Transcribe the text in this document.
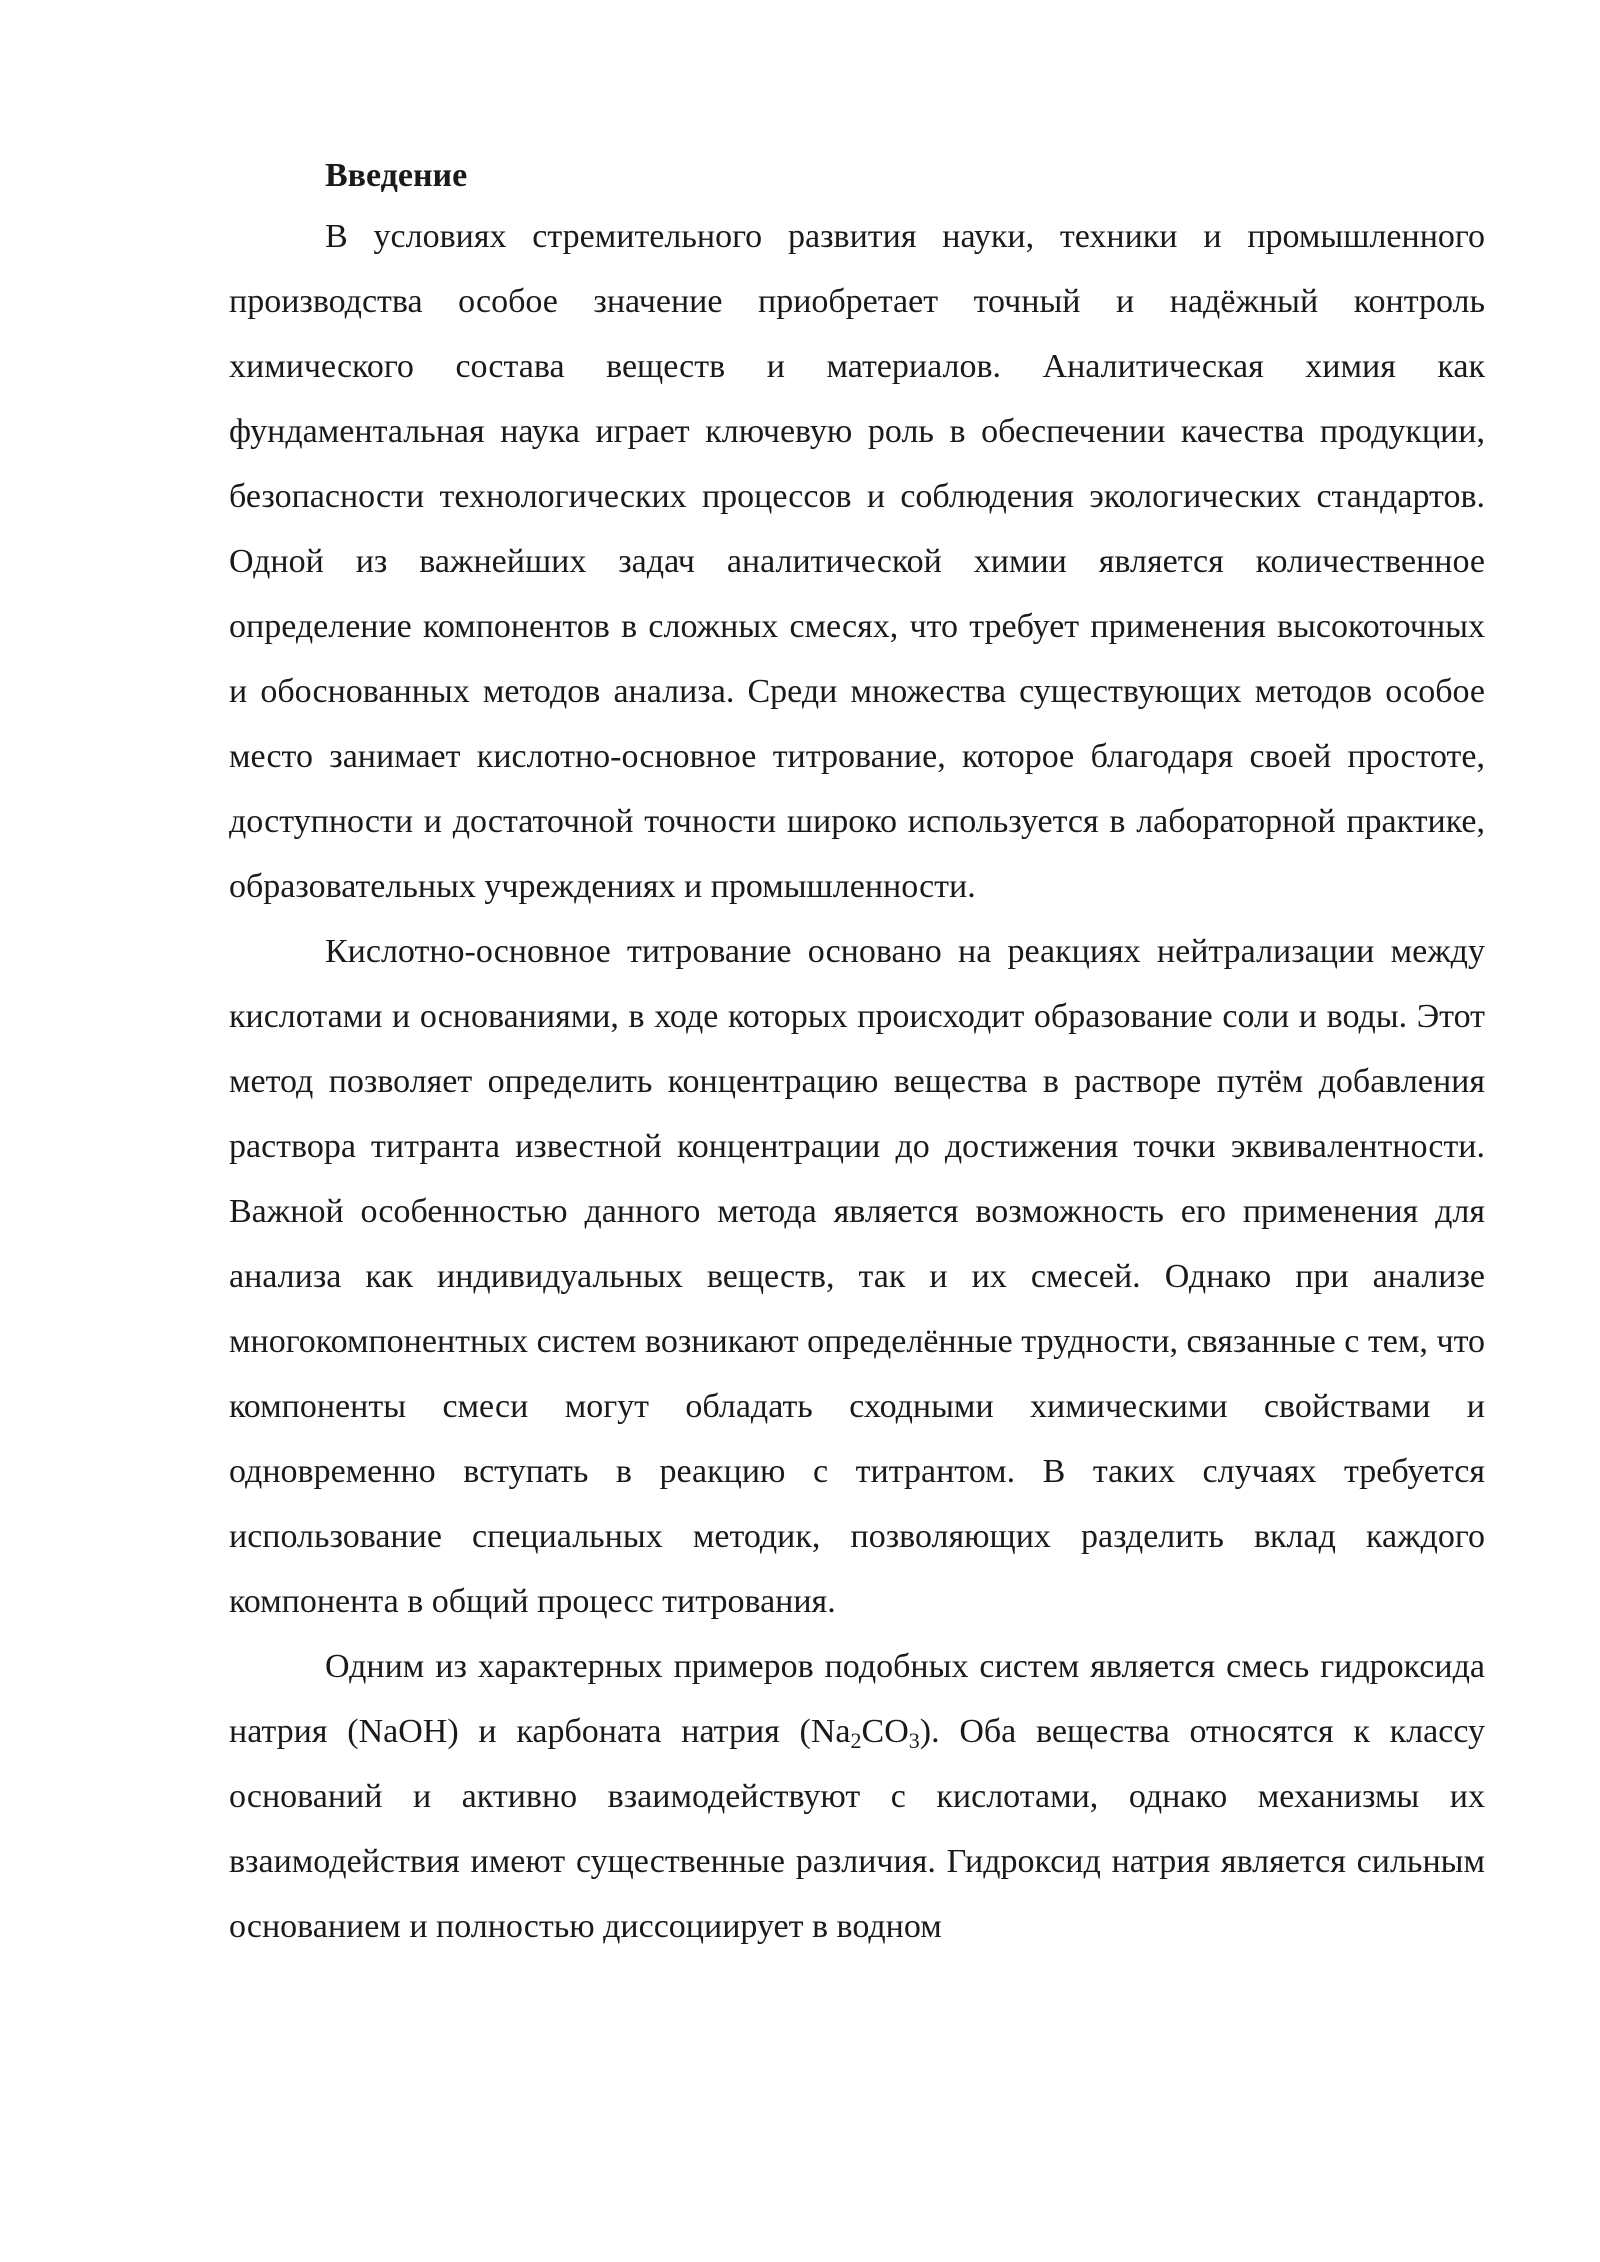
Введение

В условиях стремительного развития науки, техники и промышленного производства особое значение приобретает точный и надёжный контроль химического состава веществ и материалов. Аналитическая химия как фундаментальная наука играет ключевую роль в обеспечении качества продукции, безопасности технологических процессов и соблюдения экологических стандартов. Одной из важнейших задач аналитической химии является количественное определение компонентов в сложных смесях, что требует применения высокоточных и обоснованных методов анализа. Среди множества существующих методов особое место занимает кислотно-основное титрование, которое благодаря своей простоте, доступности и достаточной точности широко используется в лабораторной практике, образовательных учреждениях и промышленности.

Кислотно-основное титрование основано на реакциях нейтрализации между кислотами и основаниями, в ходе которых происходит образование соли и воды. Этот метод позволяет определить концентрацию вещества в растворе путём добавления раствора титранта известной концентрации до достижения точки эквивалентности. Важной особенностью данного метода является возможность его применения для анализа как индивидуальных веществ, так и их смесей. Однако при анализе многокомпонентных систем возникают определённые трудности, связанные с тем, что компоненты смеси могут обладать сходными химическими свойствами и одновременно вступать в реакцию с титрантом. В таких случаях требуется использование специальных методик, позволяющих разделить вклад каждого компонента в общий процесс титрования.

Одним из характерных примеров подобных систем является смесь гидроксида натрия (NaOH) и карбоната натрия $(Na_2CO_3)$. Оба вещества относятся к классу оснований и активно взаимодействуют с кислотами, однако механизмы их взаимодействия имеют существенные различия. Гидроксид натрия является сильным основанием и полностью диссоциирует в водном
